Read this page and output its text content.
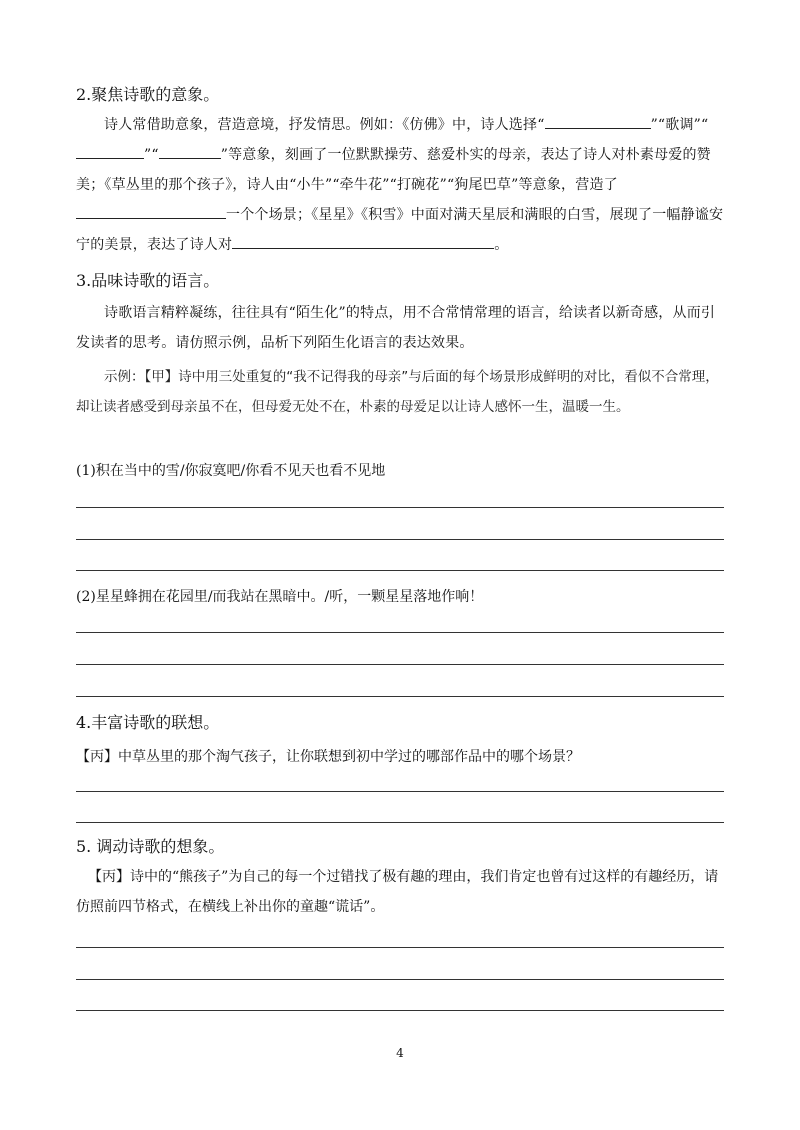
2.聚焦诗歌的意象。
诗人常借助意象，营造意境，抒发情思。例如：《仿佛》中，诗人选择“	”“歌调”“”“	”等意象，刻画了一位默默操劳、慈爱朴实的母亲，表达了诗人对朴素母爱的赞美；《草丛里的那个孩子》，诗人由“小牛”“牵牛花”“打碗花”“狗尾巴草”等意象，营造了一个个场景；《星星》《积雪》中面对满天星辰和满眼的白雪，展现了一幅静谧安宁的美景，表达了诗人对	。
3.品味诗歌的语言。
诗歌语言精粹凝练，往往具有“陌生化”的特点，用不合常情常理的语言，给读者以新奇感，从而引发读者的思考。请仿照示例，品析下列陌生化语言的表达效果。
示例：【甲】诗中用三处重复的“我不记得我的母亲”与后面的每个场景形成鲜明的对比，看似不合常理，却让读者感受到母亲虽不在，但母爱无处不在，朴素的母爱足以让诗人感怀一生，温暖一生。
(1)积在当中的雪/你寂寞吧/你看不见天也看不见地
(2)星星蜂拥在花园里/而我站在黑暗中。/听，一颗星星落地作响！
4.丰富诗歌的联想。
【丙】中草丛里的那个淘气孩子，让你联想到初中学过的哪部作品中的哪个场景？
5. 调动诗歌的想象。
【丙】诗中的“熊孩子”为自己的每一个过错找了极有趣的理由，我们肯定也曾有过这样的有趣经历，请仿照前四节格式，在横线上补出你的童趣“谎话”。
4
